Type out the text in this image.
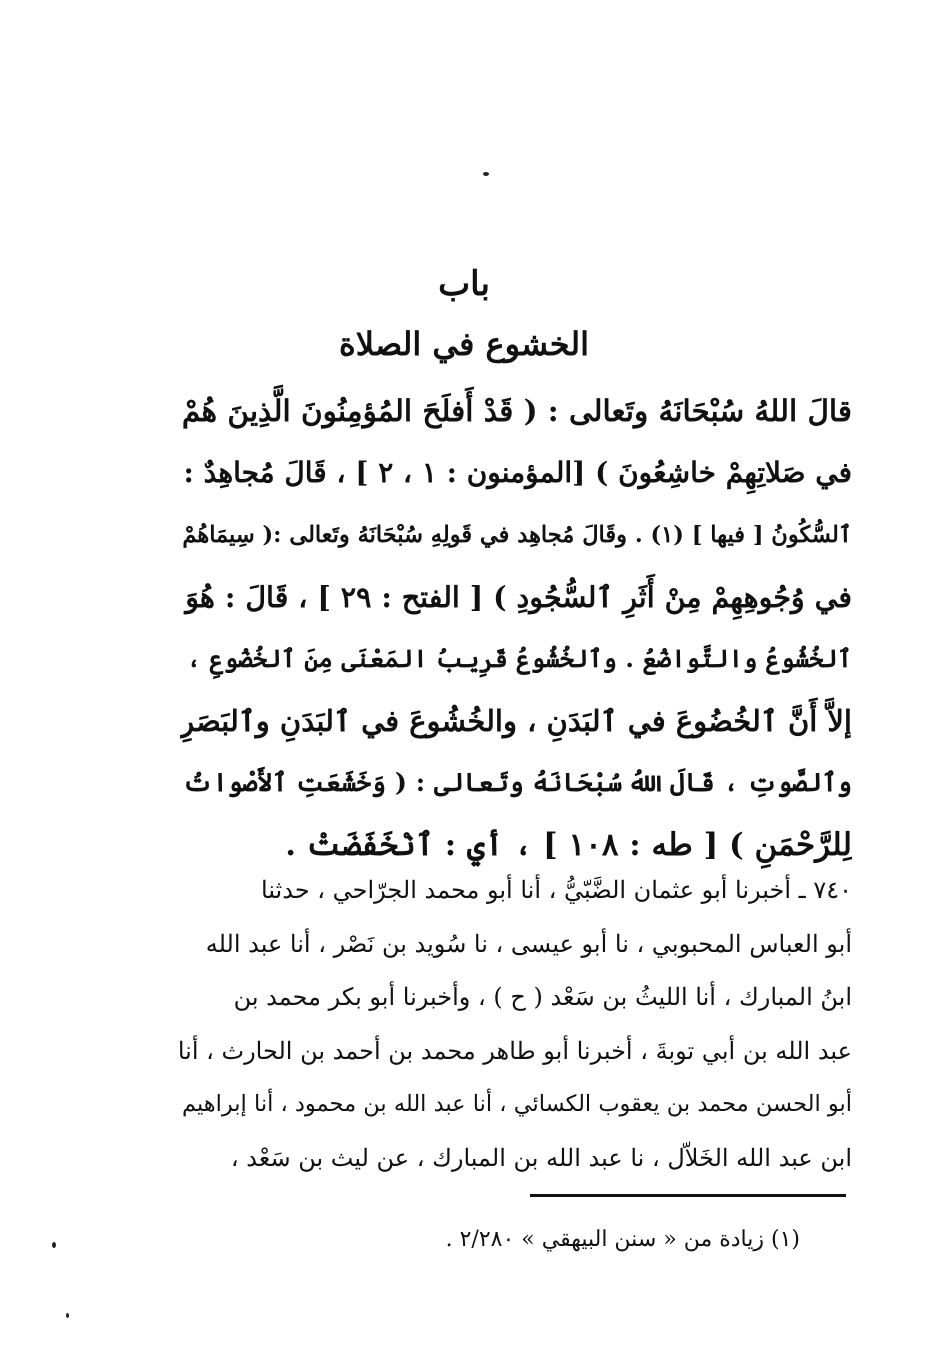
باب
الخشوع في الصلاة
قالَ اللهُ سُبْحَانَهُ وتَعالى : ( قَدْ أَفلَحَ المُؤمِنُونَ الَّذِينَ هُمْ
في صَلاتِهِمْ خاشِعُونَ ) [المؤمنون : ١ ، ٢ ] ، قَالَ مُجاهِدٌ :
ٱلسُّكُونُ [ فيها ] (١) . وقَالَ مُجاهِد في قَولِهِ سُبْحَانَهُ وتَعالى :( سِيمَاهُمْ
في وُجُوهِهِمْ مِنْ أَثَرِ ٱلسُّجُودِ ) [ الفتح : ٢٩ ] ، قَالَ : هُوَ
ٱلخُشُوعُ والتَّواضُعُ . وٱلخُشُوعُ قَرِيبُ المَعْنَى مِنَ ٱلخُضُوعِ ،
إلاَّ أَنَّ ٱلخُضُوعَ في ٱلبَدَنِ ، والخُشُوعَ في ٱلبَدَنِ وٱلبَصَرِ
وٱلصَّوتِ ، قَالَ اللهُ سُبْحَانَهُ وتَعالى : ( وَخَشَعَتِ ٱلأَصْواتُ
لِلرَّحْمَنِ ) [ طه : ١٠٨ ] ، أي : ٱنْخَفَضَتْ .
٧٤٠ ـ أخبرنا أبو عثمان الضَّبّيُّ ، أنا أبو محمد الجرّاحي ، حدثنا
أبو العباس المحبوبي ، نا أبو عيسى ، نا سُويد بن نَصْر ، أنا عبد الله
ابنُ المبارك ، أنا الليثُ بن سَعْد ( ح ) ، وأخبرنا أبو بكر محمد بن
عبد الله بن أبي توبةَ ، أخبرنا أبو طاهر محمد بن أحمد بن الحارث ، أنا
أبو الحسن محمد بن يعقوب الكسائي ، أنا عبد الله بن محمود ، أنا إبراهيم
ابن عبد الله الخَلاّل ، نا عبد الله بن المبارك ، عن ليث بن سَعْد ،
(١) زيادة من « سنن البيهقي » ٢/٢٨٠ .
